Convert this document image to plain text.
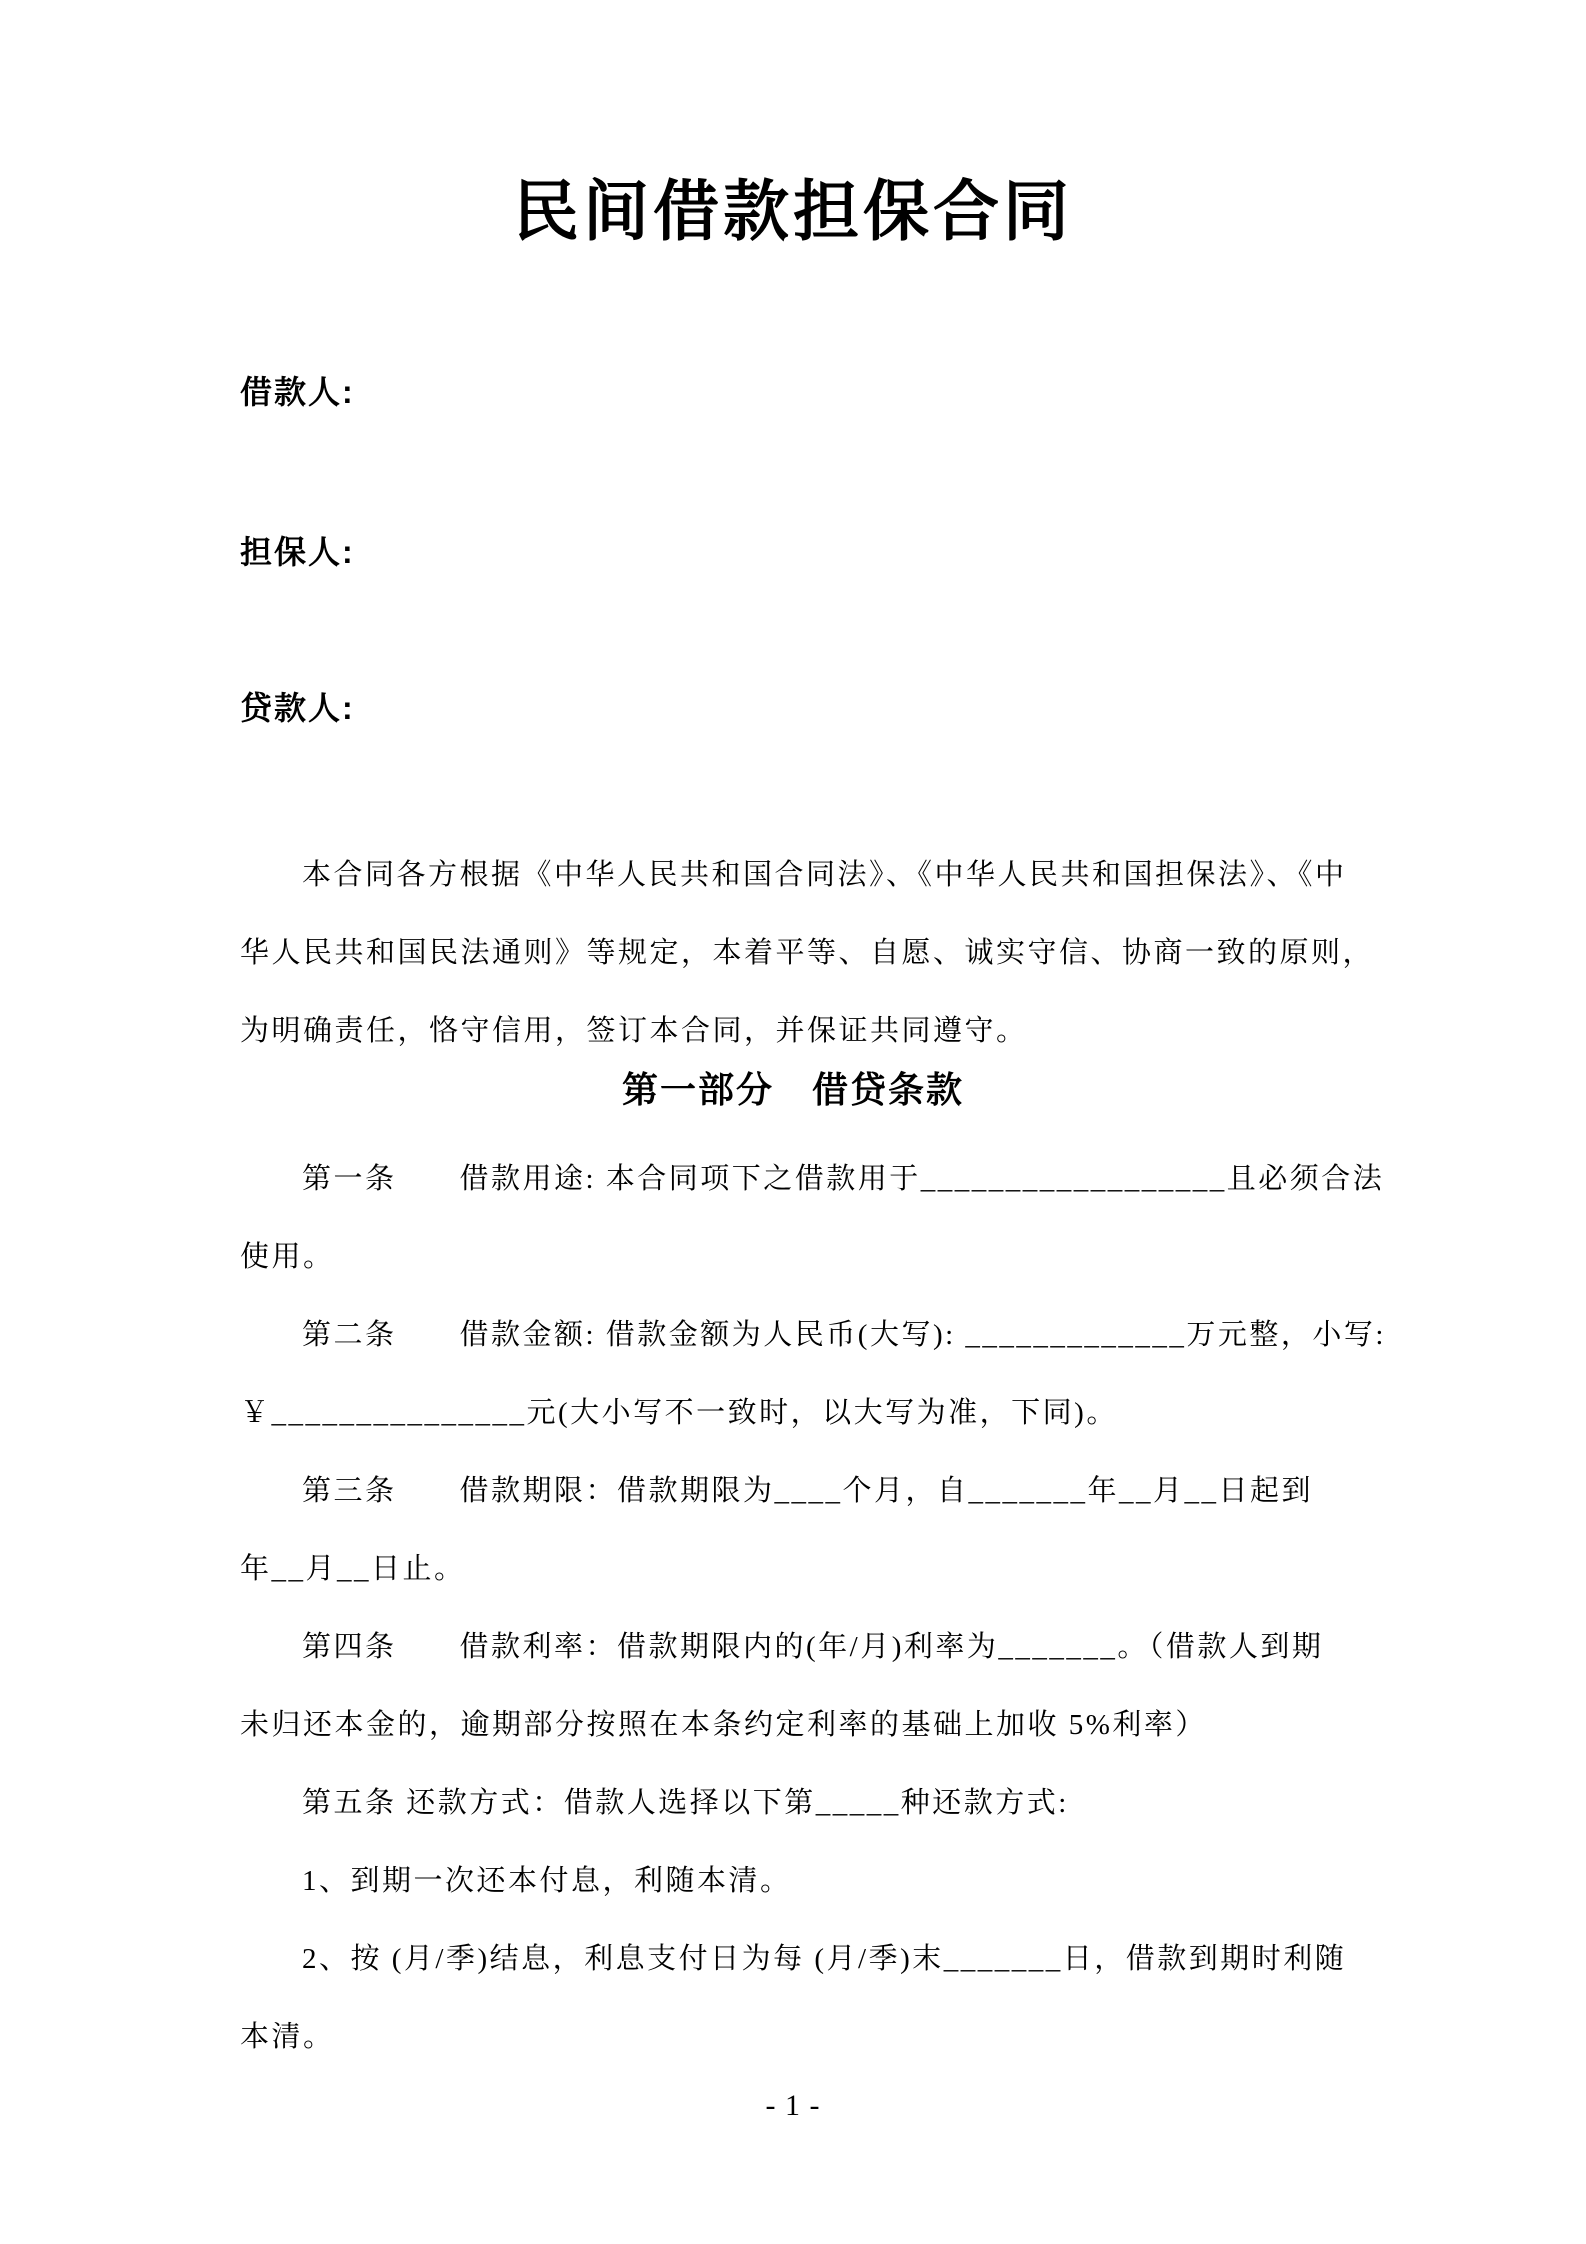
民间借款担保合同
借款人:
担保人:
贷款人:
本合同各方根据《中华人民共和国合同法》、《中华人民共和国担保法》、《中
华人民共和国民法通则》等规定，本着平等、自愿、诚实守信、协商一致的原则，
为明确责任，恪守信用，签订本合同，并保证共同遵守。
第一部分　借贷条款
第一条　　借款用途: 本合同项下之借款用于__________________且必须合法
使用。
第二条　　借款金额: 借款金额为人民币(大写): _____________万元整，小写:
￥_______________元(大小写不一致时，以大写为准，下同)。
第三条　　借款期限：借款期限为____个月，自_______年__月__日起到
年__月__日止。
第四条　　借款利率：借款期限内的(年/月)利率为_______。（借款人到期
未归还本金的，逾期部分按照在本条约定利率的基础上加收 5%利率）
第五条 还款方式：借款人选择以下第_____种还款方式:
1、到期一次还本付息，利随本清。
2、按 (月/季)结息，利息支付日为每 (月/季)末_______日，借款到期时利随
本清。
- 1 -
